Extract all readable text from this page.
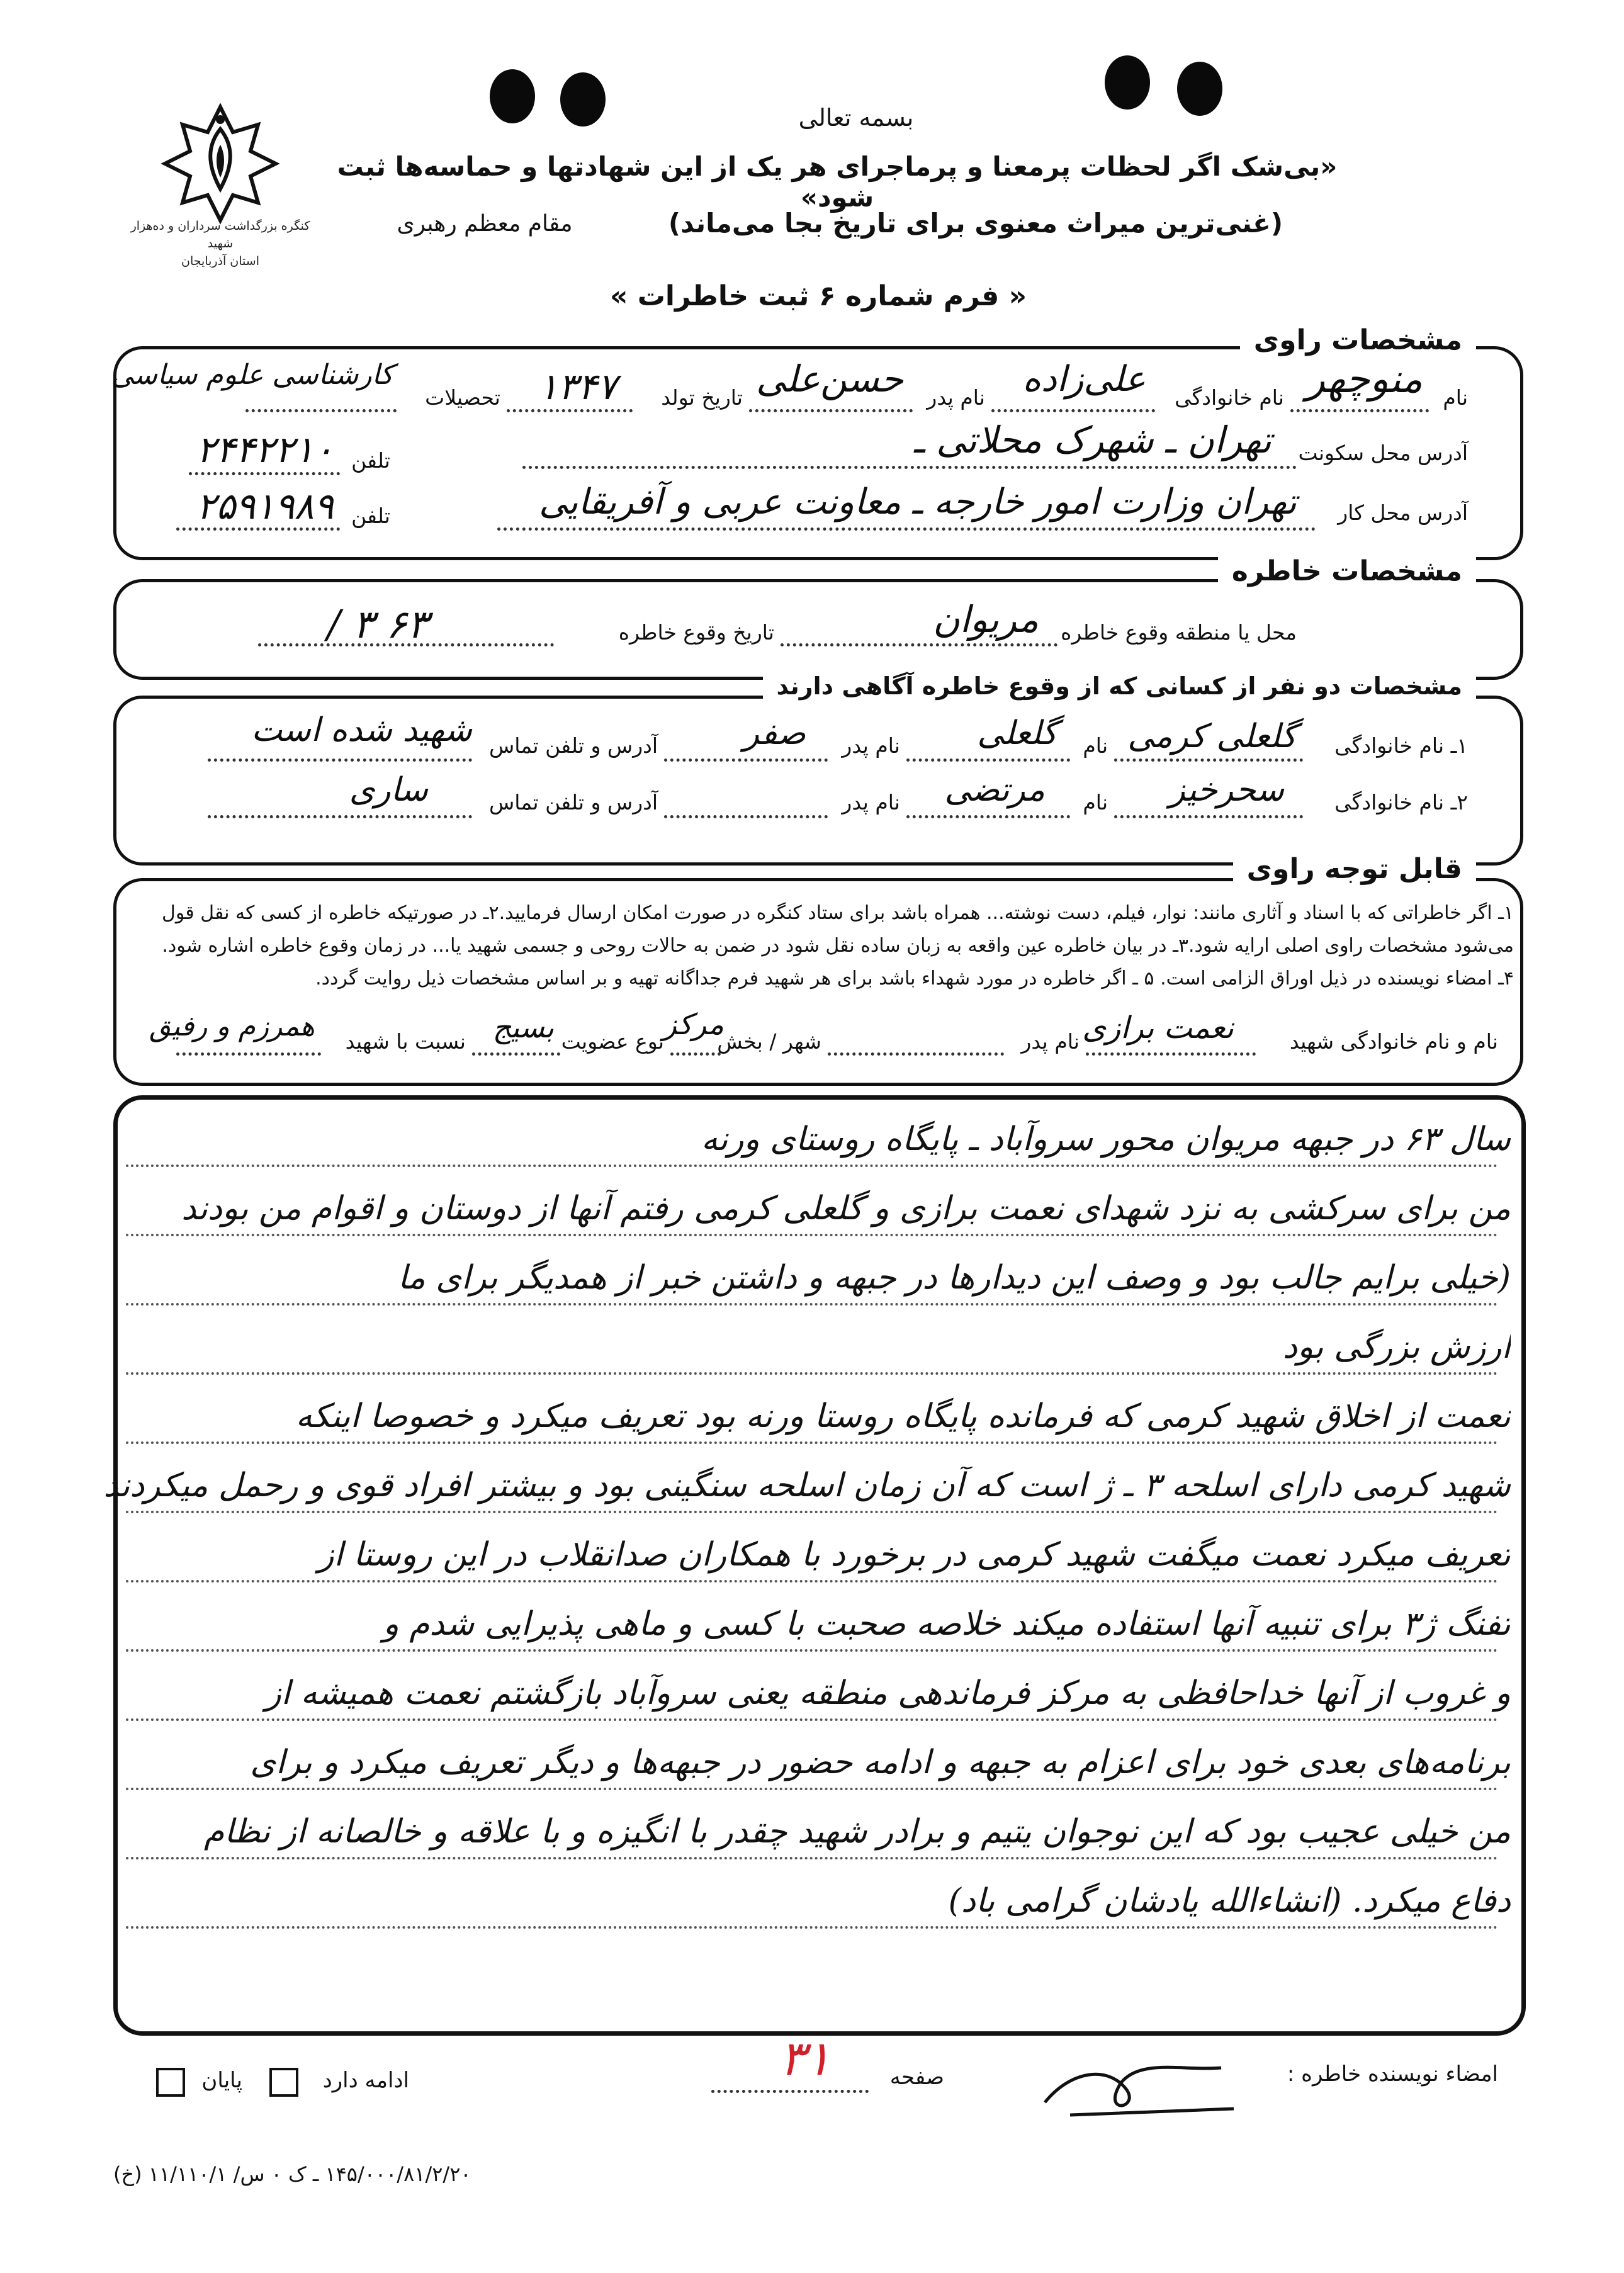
کنگره بزرگداشت سرداران و ده‌هزار شهید
استان آذربایجان
بسمه تعالی
«بی‌شک اگر لحظات پرمعنا و پرماجرای هر یک از این شهادتها و حماسه‌ها ثبت شود»
(غنی‌ترین میراث معنوی برای تاریخ بجا می‌ماند)
مقام معظم رهبری
« فرم شماره ۶ ثبت خاطرات »
مشخصات راوی
نام
منوچهر
نام خانوادگی
علی‌زاده
نام پدر
حسن‌علی
تاریخ تولد
۱۳۴۷
تحصیلات
کارشناسی علوم سیاسی
آدرس محل سکونت
تهران ـ شهرک محلاتی ـ
تلفن
۲۴۴۲۲۱۰
آدرس محل کار
تهران وزارت امور خارجه ـ معاونت عربی و آفریقایی
تلفن
۲۵۹۱۹۸۹
مشخصات خاطره
محل یا منطقه وقوع خاطره
مریوان
تاریخ وقوع خاطره
۶۳ ۳ /
مشخصات دو نفر از کسانی که از وقوع خاطره آگاهی دارند
۱ـ نام خانوادگی
گلعلی کرمی
نام
گلعلی
نام پدر
صفر
آدرس و تلفن تماس
شهید شده است
۲ـ نام خانوادگی
سحرخیز
نام
مرتضی
نام پدر
آدرس و تلفن تماس
ساری
قابل توجه راوی
۱ـ اگر خاطراتی که با اسناد و آثاری مانند: نوار، فیلم، دست نوشته... همراه باشد برای ستاد کنگره در صورت امکان ارسال فرمایید.۲ـ در صورتیکه خاطره از کسی که نقل قول
می‌شود مشخصات راوی اصلی ارایه شود.۳ـ در بیان خاطره عین واقعه به زبان ساده نقل شود در ضمن به حالات روحی و جسمی شهید یا... در زمان وقوع خاطره اشاره شود.
۴ـ امضاء نویسنده در ذیل اوراق الزامی است. ۵ ـ اگر خاطره در مورد شهداء باشد برای هر شهید فرم جداگانه تهیه و بر اساس مشخصات ذیل روایت گردد.
نام و نام خانوادگی شهید
نعمت برازی
نام پدر
شهر / بخش
مرکز
نوع عضویت
بسیج
نسبت با شهید
همرزم و رفیق
سال ۶۳ در جبهه مریوان محور سروآباد ـ پایگاه روستای ورنه
من برای سرکشی به نزد شهدای نعمت برازی و گلعلی کرمی رفتم آنها از دوستان و اقوام من بودند
(خیلی برایم جالب بود و وصف این دیدارها در جبهه و داشتن خبر از همدیگر برای ما
ارزش بزرگی بود
نعمت از اخلاق شهید کرمی که فرمانده پایگاه روستا ورنه بود تعریف میکرد و خصوصا اینکه
شهید کرمی دارای اسلحه ۳ ـ ژ است که آن زمان اسلحه سنگینی بود و بیشتر افراد قوی و رحمل میکردند
تعریف میکرد نعمت میگفت شهید کرمی در برخورد با همکاران صدانقلاب در این روستا از
تفنگ ژ۳ برای تنبیه آنها استفاده میکند خلاصه صحبت با کسی و ماهی پذیرایی شدم و
و غروب از آنها خداحافظی به مرکز فرماندهی منطقه یعنی سروآباد بازگشتم نعمت همیشه از
برنامه‌های بعدی خود برای اعزام به جبهه و ادامه حضور در جبهه‌ها و دیگر تعریف میکرد و برای
من خیلی عجیب بود که این نوجوان یتیم و برادر شهید چقدر با انگیزه و با علاقه و خالصانه از نظام
دفاع میکرد. (انشاءالله یادشان گرامی باد)
امضاء نویسنده خاطره :
صفحه
۳۱
ادامه دارد
پایان
(خ) ۱۴۵/۰۰۰/۸۱/۲/۲۰ ـ ک ۰ س/ ۱۱/۱۱۰/۱
